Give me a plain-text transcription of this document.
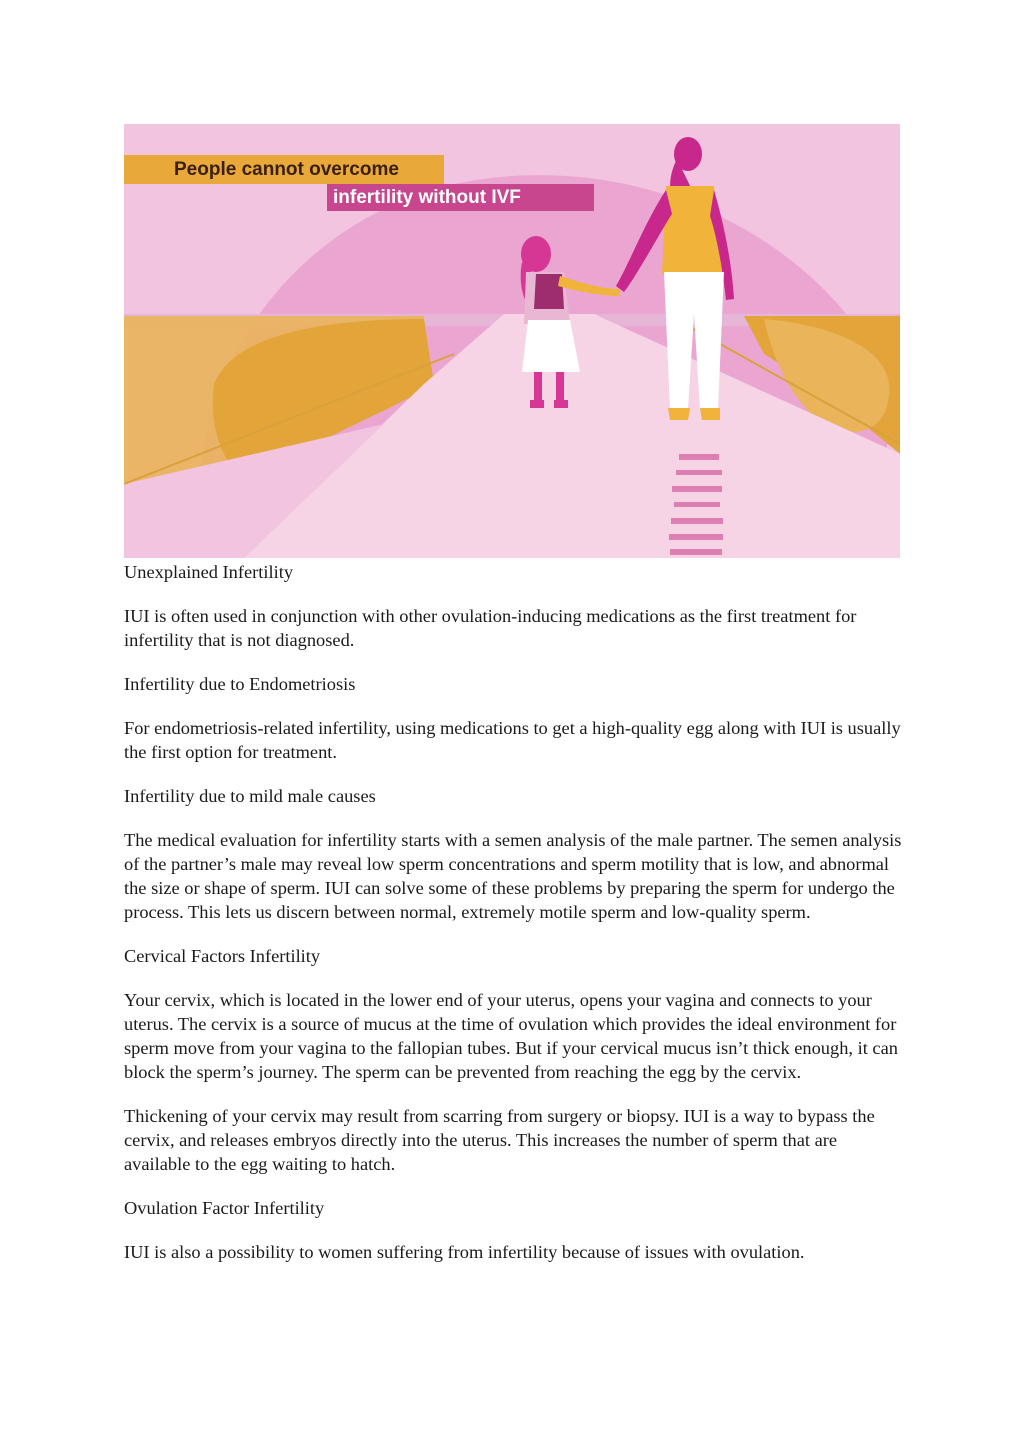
People cannot overcome
infertility without IVF

Unexplained Infertility

IUI is often used in conjunction with other ovulation-inducing medications as the first treatment for infertility that is not diagnosed.

Infertility due to Endometriosis

For endometriosis-related infertility, using medications to get a high-quality egg along with IUI is usually the first option for treatment.

Infertility due to mild male causes

The medical evaluation for infertility starts with a semen analysis of the male partner. The semen analysis of the partner’s male may reveal low sperm concentrations and sperm motility that is low, and abnormal the size or shape of sperm. IUI can solve some of these problems by preparing the sperm for undergo the process. This lets us discern between normal, extremely motile sperm and low-quality sperm.

Cervical Factors Infertility

Your cervix, which is located in the lower end of your uterus, opens your vagina and connects to your uterus. The cervix is a source of mucus at the time of ovulation which provides the ideal environment for sperm move from your vagina to the fallopian tubes. But if your cervical mucus isn’t thick enough, it can block the sperm’s journey. The sperm can be prevented from reaching the egg by the cervix.

Thickening of your cervix may result from scarring from surgery or biopsy. IUI is a way to bypass the cervix, and releases embryos directly into the uterus. This increases the number of sperm that are available to the egg waiting to hatch.

Ovulation Factor Infertility

IUI is also a possibility to women suffering from infertility because of issues with ovulation.
